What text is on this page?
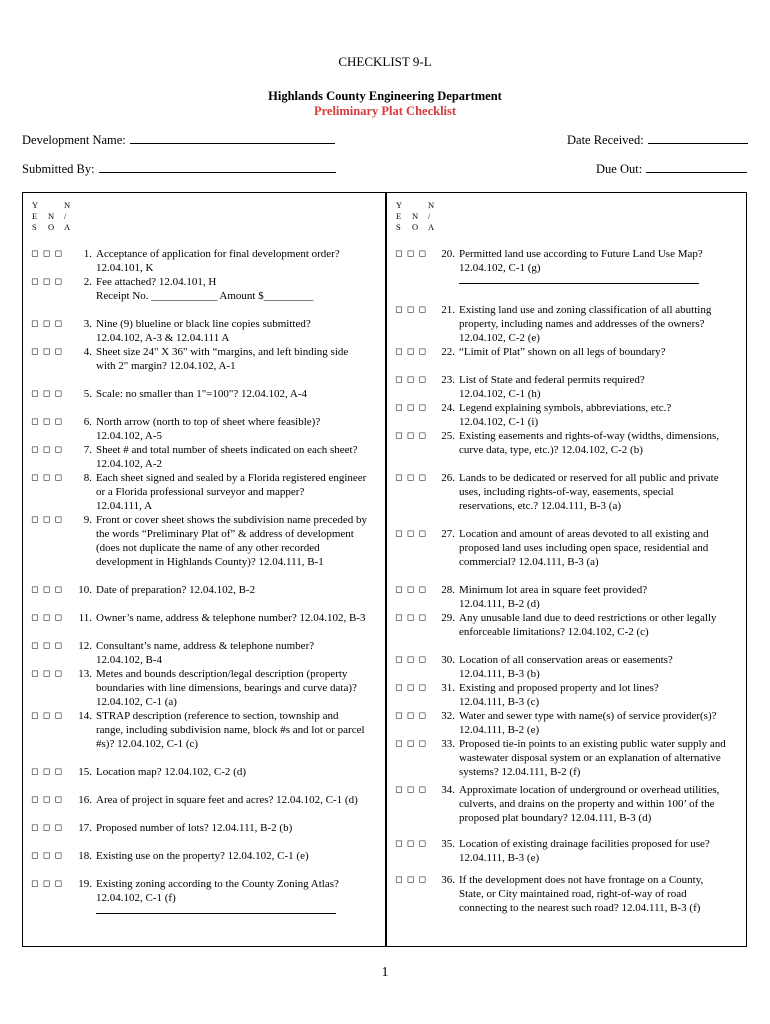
CHECKLIST 9-L
Highlands County Engineering Department
Preliminary Plat Checklist
Development Name:	Date Received:
Submitted By:	Due Out:
Y	N
E N /
S O A
Y	N
E N /
S O A
◻ ◻ ◻	1. Acceptance of application for final development order?
12.04.101, K
◻ ◻ ◻	2. Fee attached? 12.04.101, H
Receipt No. ____________ Amount $_________
◻ ◻ ◻	3. Nine (9) blueline or black line copies submitted?
12.04.102, A-3 & 12.04.111 A
◻ ◻ ◻	4. Sheet size 24" X 36" with “margins, and left binding side
with 2" margin? 12.04.102, A-1
◻ ◻ ◻	5. Scale: no smaller than 1"=100"? 12.04.102, A-4
◻ ◻ ◻	6. North arrow (north to top of sheet where feasible)?
12.04.102, A-5
◻ ◻ ◻	7. Sheet # and total number of sheets indicated on each sheet?
12.04.102, A-2
◻ ◻ ◻	8. Each sheet signed and sealed by a Florida registered engineer
or a Florida professional surveyor and mapper?
12.04.111, A
◻ ◻ ◻	9. Front or cover sheet shows the subdivision name preceded by
the words “Preliminary Plat of” & address of development
(does not duplicate the name of any other recorded
development in Highlands County)? 12.04.111, B-1
◻ ◻ ◻	10. Date of preparation? 12.04.102, B-2
◻ ◻ ◻	11. Owner’s name, address & telephone number? 12.04.102, B-3
◻ ◻ ◻	12. Consultant’s name, address & telephone number?
12.04.102, B-4
◻ ◻ ◻	13. Metes and bounds description/legal description (property
boundaries with line dimensions, bearings and curve data)?
12.04.102, C-1 (a)
◻ ◻ ◻	14. STRAP description (reference to section, township and
range, including subdivision name, block #s and lot or parcel
#s)? 12.04.102, C-1 (c)
◻ ◻ ◻	15. Location map? 12.04.102, C-2 (d)
◻ ◻ ◻	16. Area of project in square feet and acres? 12.04.102, C-1 (d)
◻ ◻ ◻	17. Proposed number of lots? 12.04.111, B-2 (b)
◻ ◻ ◻	18. Existing use on the property? 12.04.102, C-1 (e)
◻ ◻ ◻	19. Existing zoning according to the County Zoning Atlas?
12.04.102, C-1 (f)
◻ ◻ ◻	20. Permitted land use according to Future Land Use Map?
12.04.102, C-1 (g)
◻ ◻ ◻	21. Existing land use and zoning classification of all abutting
property, including names and addresses of the owners?
12.04.102, C-2 (e)
◻ ◻ ◻	22. “Limit of Plat” shown on all legs of boundary?
◻ ◻ ◻	23. List of State and federal permits required?
12.04.102, C-1 (h)
◻ ◻ ◻	24. Legend explaining symbols, abbreviations, etc.?
12.04.102, C-1 (i)
◻ ◻ ◻	25. Existing easements and rights-of-way (widths, dimensions,
curve data, type, etc.)? 12.04.102, C-2 (b)
◻ ◻ ◻	26. Lands to be dedicated or reserved for all public and private
uses, including rights-of-way, easements, special
reservations, etc.? 12.04.111, B-3 (a)
◻ ◻ ◻	27. Location and amount of areas devoted to all existing and
proposed land uses including open space, residential and
commercial? 12.04.111, B-3 (a)
◻ ◻ ◻	28. Minimum lot area in square feet provided?
12.04.111, B-2 (d)
◻ ◻ ◻	29. Any unusable land due to deed restrictions or other legally
enforceable limitations? 12.04.102, C-2 (c)
◻ ◻ ◻	30. Location of all conservation areas or easements?
12.04.111, B-3 (b)
◻ ◻ ◻	31. Existing and proposed property and lot lines?
12.04.111, B-3 (c)
◻ ◻ ◻	32. Water and sewer type with name(s) of service provider(s)?
12.04.111, B-2 (e)
◻ ◻ ◻	33. Proposed tie-in points to an existing public water supply and
wastewater disposal system or an explanation of alternative
systems? 12.04.111, B-2 (f)
◻ ◻ ◻	34. Approximate location of underground or overhead utilities,
culverts, and drains on the property and within 100’ of the
proposed plat boundary? 12.04.111, B-3 (d)
◻ ◻ ◻	35. Location of existing drainage facilities proposed for use?
12.04.111, B-3 (e)
◻ ◻ ◻	36. If the development does not have frontage on a County,
State, or City maintained road, right-of-way of road
connecting to the nearest such road? 12.04.111, B-3 (f)
1
